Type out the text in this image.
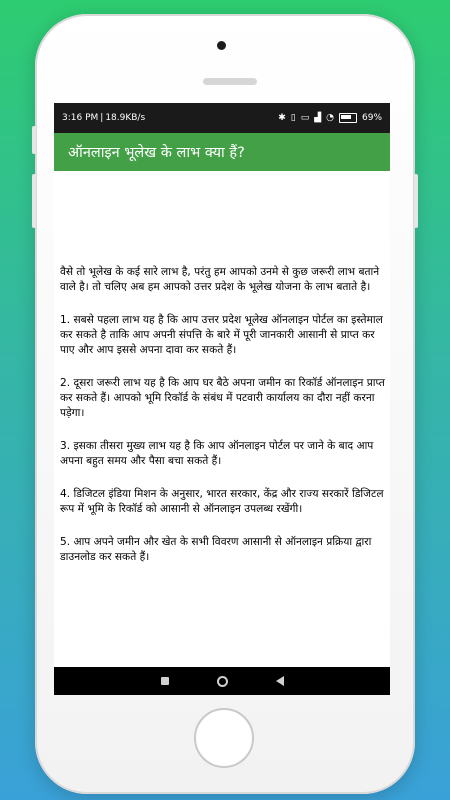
3:16 PM | 18.9KB/s	✱ ▯ ▭ ▟ ◔	69%
ऑनलाइन भूलेख के लाभ क्या हैं?

वैसे तो भूलेख के कई सारे लाभ है, परंतु हम आपको उनमे से कुछ जरूरी लाभ बताने वाले है। तो चलिए अब हम आपको उत्तर प्रदेश के भूलेख योजना के लाभ बताते है।

1. सबसे पहला लाभ यह है कि आप उत्तर प्रदेश भूलेख ऑनलाइन पोर्टल का इस्तेमाल कर सकते है ताकि आप अपनी संपत्ति के बारे में पूरी जानकारी आसानी से प्राप्त कर पाए और आप इससे अपना दावा कर सकते हैं।

2. दूसरा जरूरी लाभ यह है कि आप घर बैठे अपना जमीन का रिकॉर्ड ऑनलाइन प्राप्त कर सकते हैं। आपको भूमि रिकॉर्ड के संबंध में पटवारी कार्यालय का दौरा नहीं करना पड़ेगा।

3. इसका तीसरा मुख्य लाभ यह है कि आप ऑनलाइन पोर्टल पर जाने के बाद आप अपना बहुत समय और पैसा बचा सकते हैं।

4. डिजिटल इंडिया मिशन के अनुसार, भारत सरकार, केंद्र और राज्य सरकारें डिजिटल रूप में भूमि के रिकॉर्ड को आसानी से ऑनलाइन उपलब्ध रखेंगी।

5. आप अपने जमीन और खेत के सभी विवरण आसानी से ऑनलाइन प्रक्रिया द्वारा डाउनलोड कर सकते हैं।
